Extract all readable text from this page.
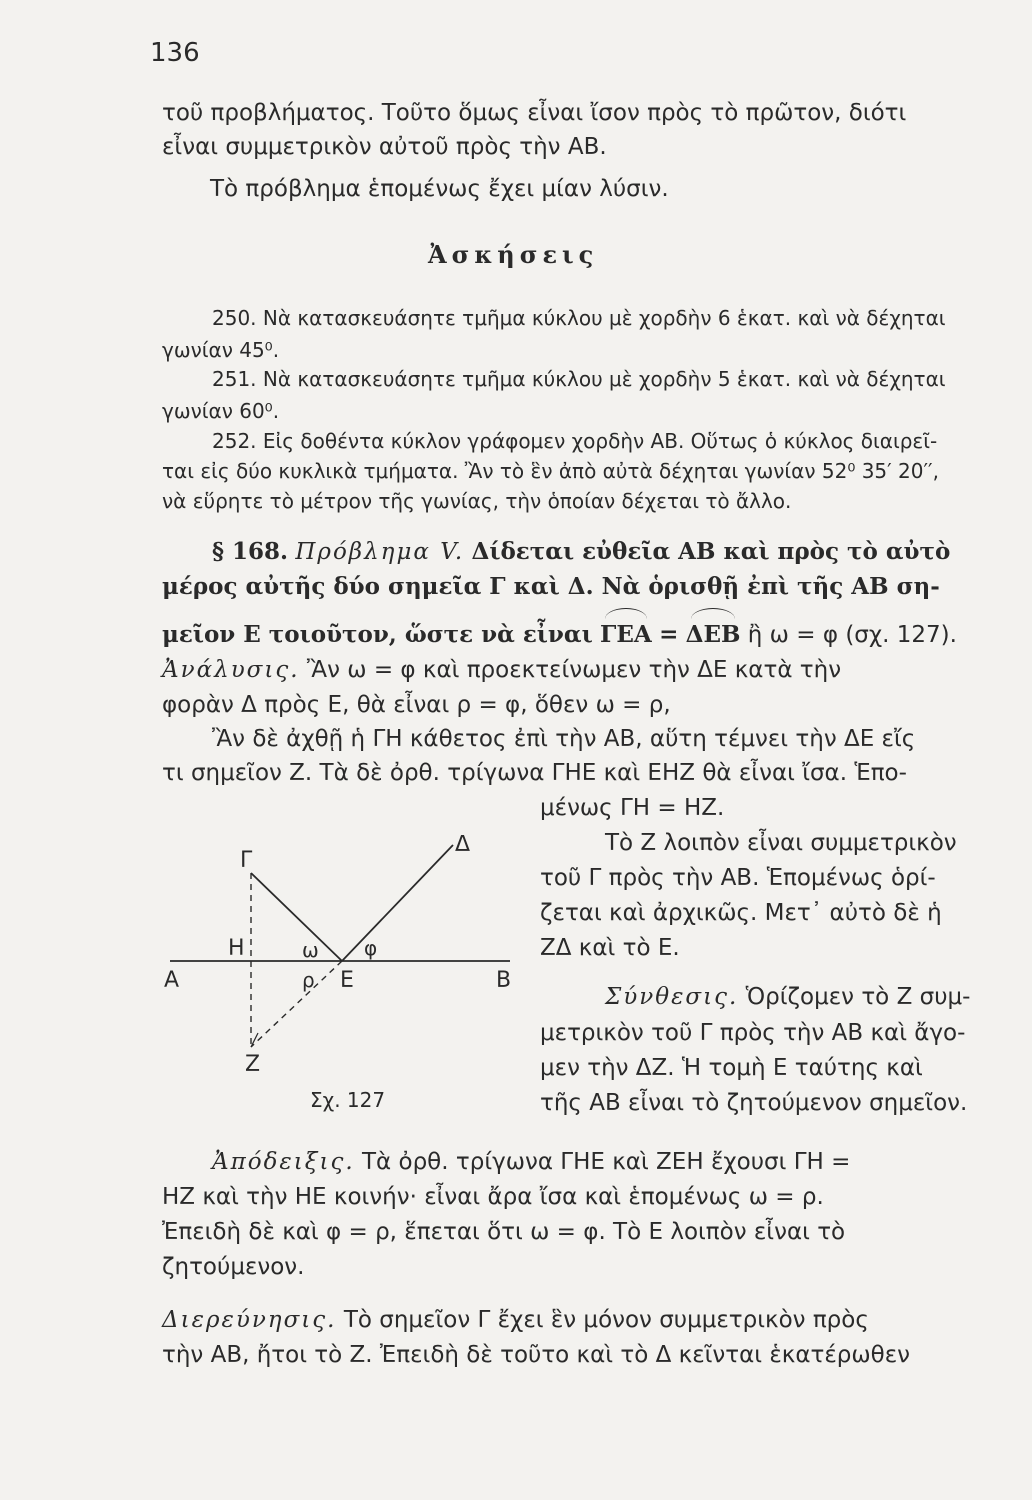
136
τοῦ προβλήματος. Τοῦτο ὅμως εἶναι ἴσον πρὸς τὸ πρῶτον, διότι
εἶναι συμμετρικὸν αὐτοῦ πρὸς τὴν ΑΒ.
Τὸ πρόβλημα ἑπομένως ἔχει μίαν λύσιν.
Ἀσκήσεις
250. Νὰ κατασκευάσητε τμῆμα κύκλου μὲ χορδὴν 6 ἑκατ. καὶ νὰ δέχηται
γωνίαν 45⁰.
251. Νὰ κατασκευάσητε τμῆμα κύκλου μὲ χορδὴν 5 ἑκατ. καὶ νὰ δέχηται
γωνίαν 60⁰.
252. Εἰς δοθέντα κύκλον γράφομεν χορδὴν ΑΒ. Οὕτως ὁ κύκλος διαιρεῖ-
ται εἰς δύο κυκλικὰ τμήματα. Ἂν τὸ ἓν ἀπὸ αὐτὰ δέχηται γωνίαν 52⁰ 35′ 20′′,
νὰ εὕρητε τὸ μέτρον τῆς γωνίας, τὴν ὁποίαν δέχεται τὸ ἄλλο.
§ 168. Πρόβλημα V. Δίδεται εὐθεῖα ΑΒ καὶ πρὸς τὸ αὐτὸ
μέρος αὐτῆς δύο σημεῖα Γ καὶ Δ. Νὰ ὁρισθῇ ἐπὶ τῆς ΑΒ ση-
μεῖον Ε τοιοῦτον, ὥστε νὰ εἶναι ΓΕΑ = ΔΕΒ ἢ ω = φ (σχ. 127).
Ἀνάλυσις. Ἂν ω = φ καὶ προεκτείνωμεν τὴν ΔΕ κατὰ τὴν
φορὰν Δ πρὸς Ε, θὰ εἶναι ρ = φ, ὅθεν ω = ρ,
Ἂν δὲ ἀχθῇ ἡ ΓΗ κάθετος ἐπὶ τὴν ΑΒ, αὕτη τέμνει τὴν ΔΕ εἴς
τι σημεῖον Ζ. Τὰ δὲ ὀρθ. τρίγωνα ΓΗΕ καὶ ΕΗΖ θὰ εἶναι ἴσα. Ἑπο-
μένως ΓΗ = ΗΖ.
Τὸ Ζ λοιπὸν εἶναι συμμετρικὸν
τοῦ Γ πρὸς τὴν ΑΒ. Ἑπομένως ὁρί-
ζεται καὶ ἀρχικῶς. Μετ᾽ αὐτὸ δὲ ἡ
ΖΔ καὶ τὸ Ε.
Σύνθεσις. Ὁρίζομεν τὸ Ζ συμ-
μετρικὸν τοῦ Γ πρὸς τὴν ΑΒ καὶ ἄγο-
μεν τὴν ΔΖ. Ἡ τομὴ Ε ταύτης καὶ
τῆς ΑΒ εἶναι τὸ ζητούμενον σημεῖον.
Γ
Δ
Η	ω φ
Α	ρ Ε	Β
Ζ
Σχ. 127
Ἀπόδειξις. Τὰ ὀρθ. τρίγωνα ΓΗΕ καὶ ΖΕΗ ἔχουσι ΓΗ =
ΗΖ καὶ τὴν ΗΕ κοινήν· εἶναι ἄρα ἴσα καὶ ἑπομένως ω = ρ.
Ἐπειδὴ δὲ καὶ φ = ρ, ἕπεται ὅτι ω = φ. Τὸ Ε λοιπὸν εἶναι τὸ
ζητούμενον.
Διερεύνησις. Τὸ σημεῖον Γ ἔχει ἓν μόνον συμμετρικὸν πρὸς
τὴν ΑΒ, ἤτοι τὸ Ζ. Ἐπειδὴ δὲ τοῦτο καὶ τὸ Δ κεῖνται ἑκατέρωθεν
